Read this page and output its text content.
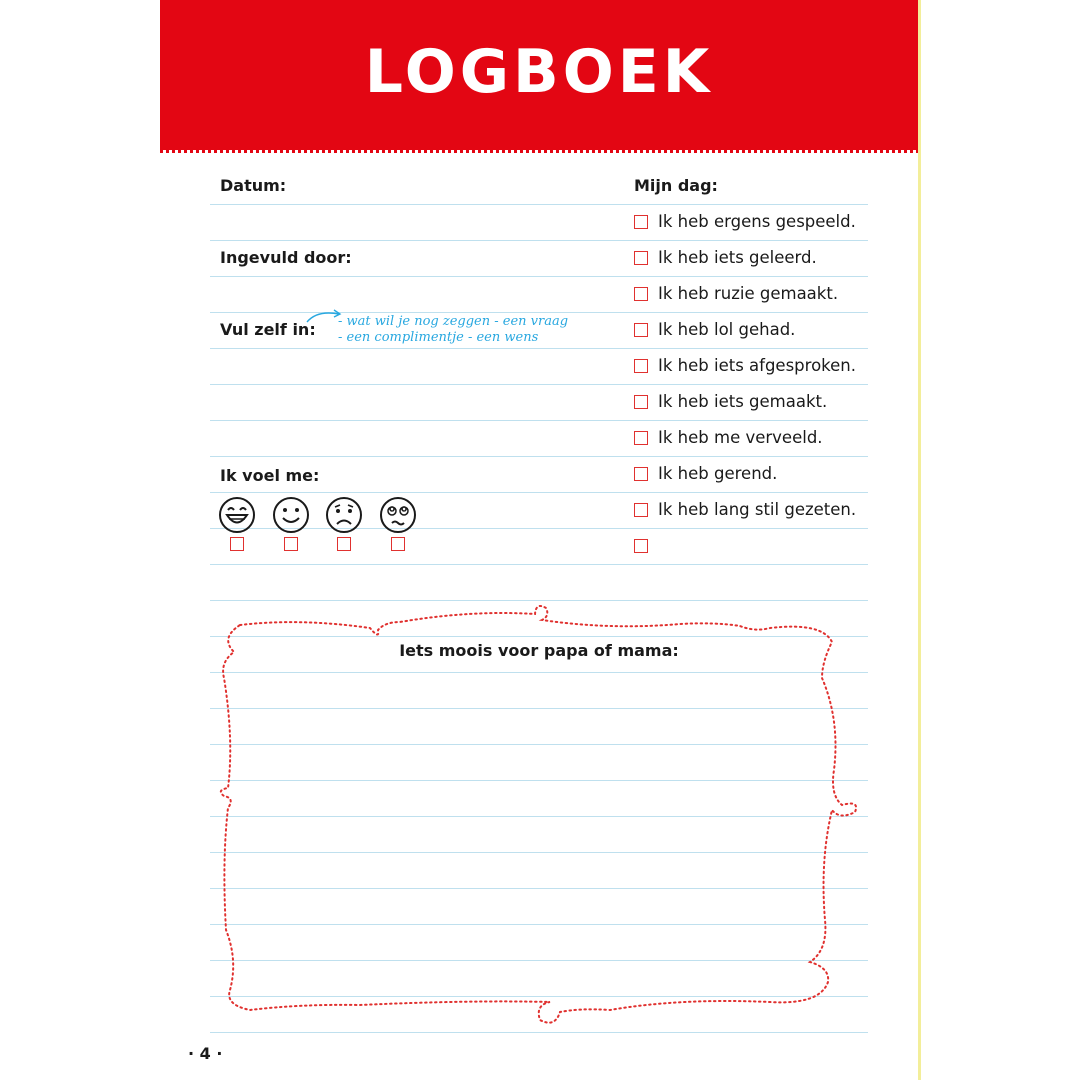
LOGBOEK
Datum:
Ingevuld door:
Vul zelf in: - wat wil je nog zeggen - een vraag
- een complimentje - een wens
Ik voel me:
Mijn dag:
Ik heb ergens gespeeld.
Ik heb iets geleerd.
Ik heb ruzie gemaakt.
Ik heb lol gehad.
Ik heb iets afgesproken.
Ik heb iets gemaakt.
Ik heb me verveeld.
Ik heb gerend.
Ik heb lang stil gezeten.
Iets moois voor papa of mama:
· 4 ·
